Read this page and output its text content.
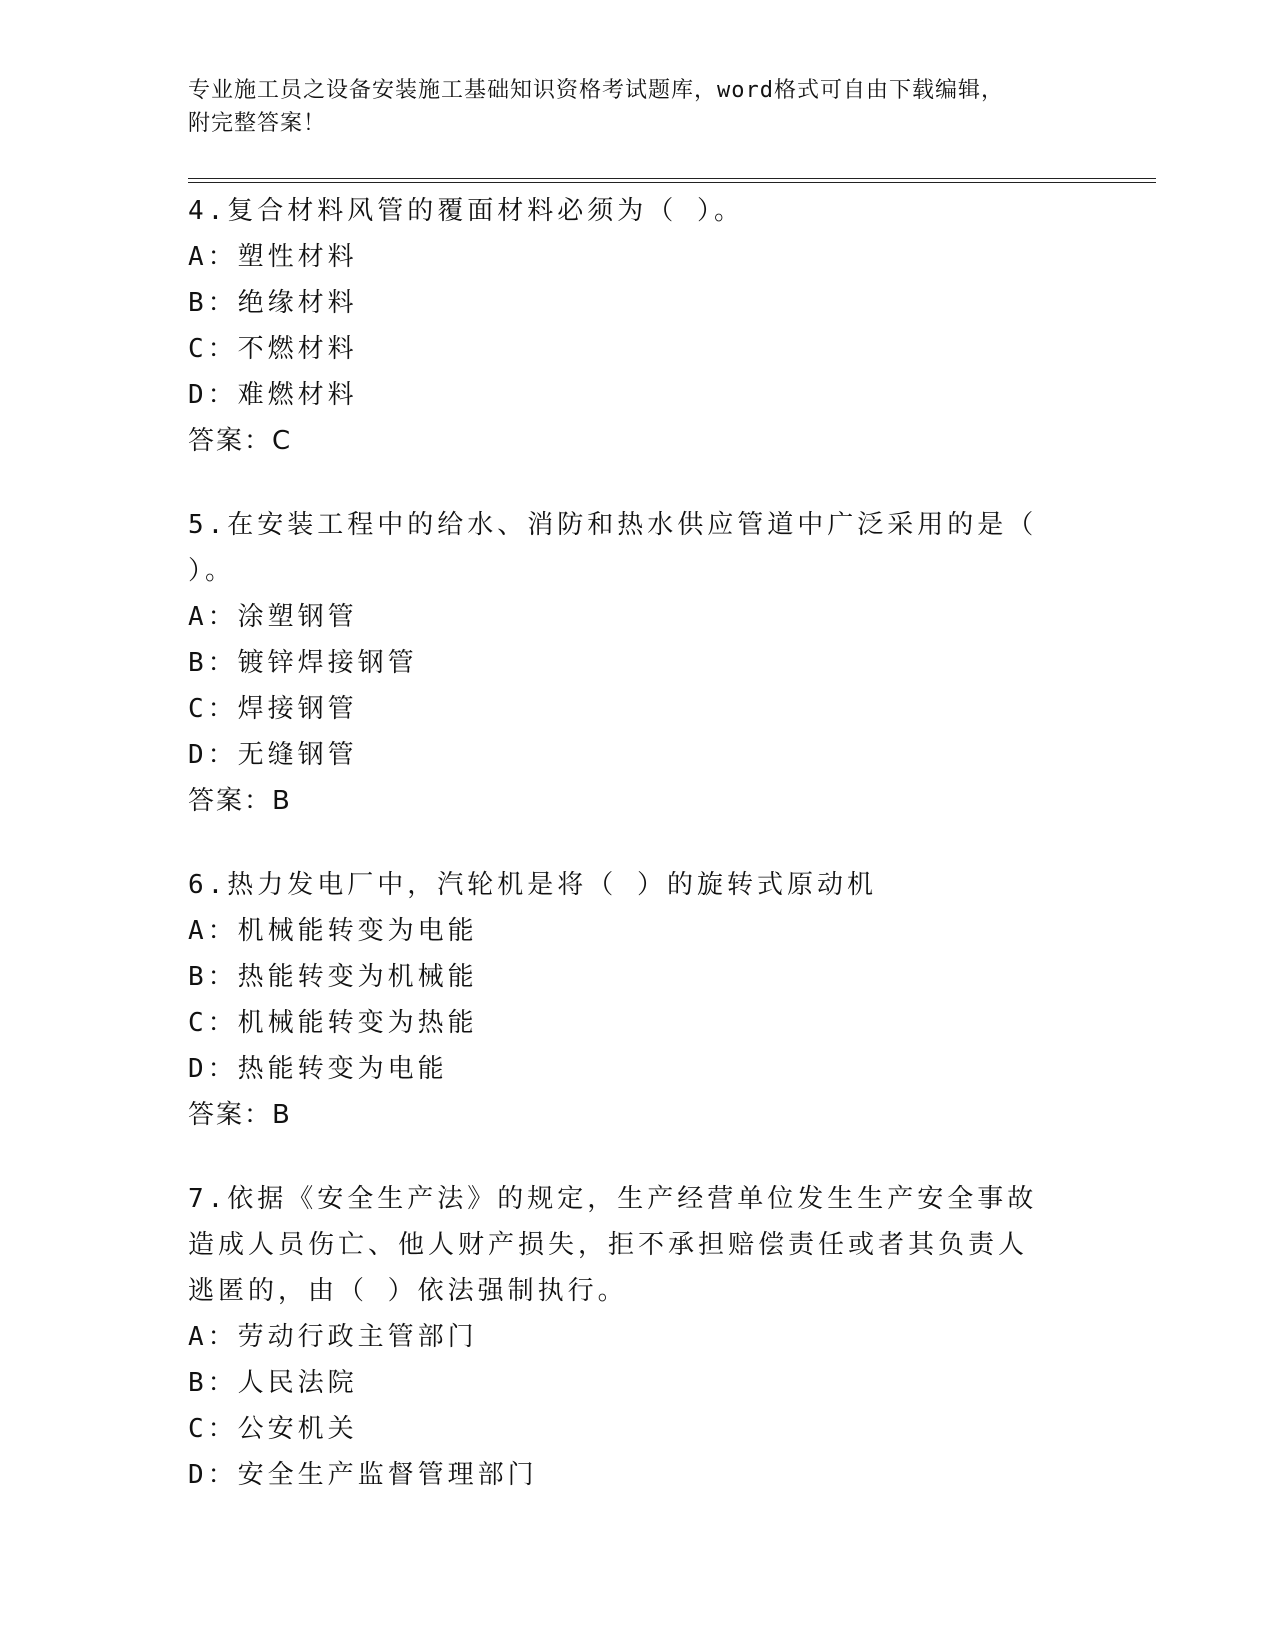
专业施工员之设备安装施工基础知识资格考试题库，word格式可自由下载编辑，
附完整答案！

4.复合材料风管的覆面材料必须为（ ）。

A：塑性材料

B：绝缘材料

C：不燃材料

D：难燃材料

答案：C

5.在安装工程中的给水、消防和热水供应管道中广泛采用的是（ ）。

A：涂塑钢管

B：镀锌焊接钢管

C：焊接钢管

D：无缝钢管

答案：B

6.热力发电厂中，汽轮机是将（ ）的旋转式原动机

A：机械能转变为电能

B：热能转变为机械能

C：机械能转变为热能

D：热能转变为电能

答案：B

7.依据《安全生产法》的规定，生产经营单位发生生产安全事故造成人员伤亡、他人财产损失，拒不承担赔偿责任或者其负责人逃匿的，由（ ）依法强制执行。

A：劳动行政主管部门

B：人民法院

C：公安机关

D：安全生产监督管理部门
